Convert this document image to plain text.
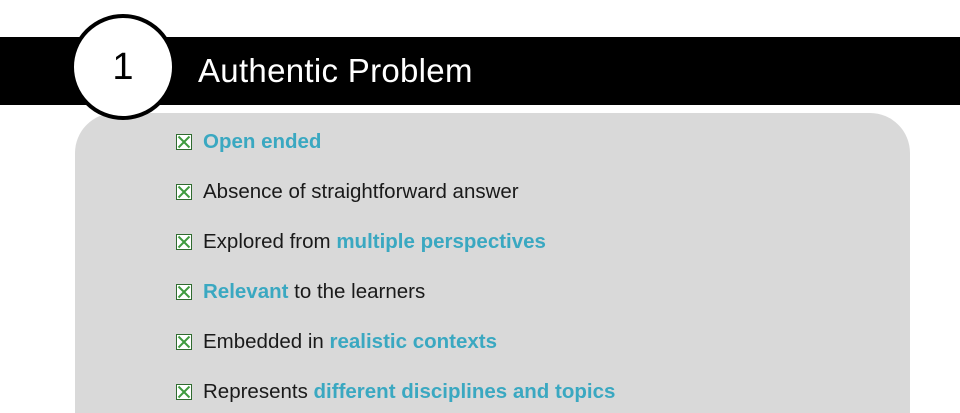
Authentic Problem
1
Open ended
Absence of straightforward answer
Explored from multiple perspectives
Relevant to the learners
Embedded in realistic contexts
Represents different disciplines and topics
